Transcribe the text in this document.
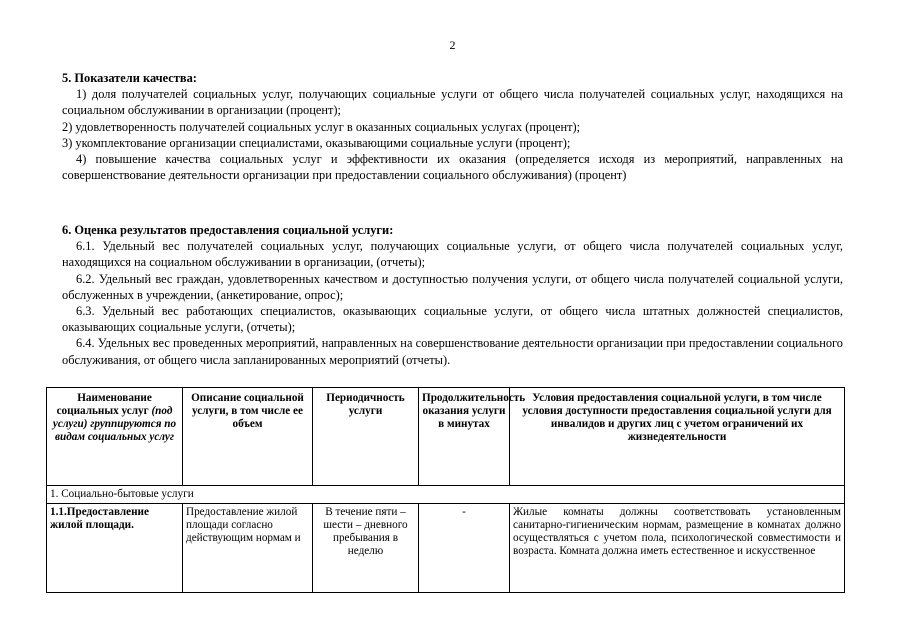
2
5. Показатели качества:
1) доля получателей социальных услуг, получающих социальные услуги от общего числа получателей социальных услуг, находящихся на социальном обслуживании в организации (процент);
2) удовлетворенность получателей социальных услуг в оказанных социальных услугах (процент);
3) укомплектование организации специалистами, оказывающими социальные услуги (процент);
4) повышение качества социальных услуг и эффективности их оказания (определяется исходя из мероприятий, направленных на совершенствование деятельности организации при предоставлении социального обслуживания) (процент)
6. Оценка результатов предоставления социальной услуги:
6.1. Удельный вес получателей социальных услуг, получающих социальные услуги, от общего числа получателей социальных услуг, находящихся на социальном обслуживании в организации, (отчеты);
6.2. Удельный вес граждан, удовлетворенных качеством и доступностью получения услуги, от общего числа получателей социальной услуги, обслуженных в учреждении, (анкетирование, опрос);
6.3. Удельный вес работающих специалистов, оказывающих социальные услуги, от общего числа штатных должностей специалистов, оказывающих социальные услуги, (отчеты);
6.4. Удельных вес проведенных мероприятий, направленных на совершенствование деятельности организации при предоставлении социального обслуживания, от общего числа запланированных мероприятий (отчеты).
Наименование социальных услуг (под услуги) группируются по видам социальных услуг	Описание социальной услуги, в том числе ее объем	Периодичность услуги	Продолжительность оказания услуги в минутах	Условия предоставления социальной услуги, в том числе условия доступности предоставления социальной услуги для инвалидов и других лиц с учетом ограничений их жизнедеятельности
1. Социально-бытовые услуги				
1.1.Предоставление жилой площади.	Предоставление жилой площади согласно действующим нормам и	В течение пяти – шести – дневного пребывания в неделю	-	Жилые комнаты должны соответствовать установленным санитарно-гигиеническим нормам, размещение в комнатах должно осуществляться с учетом пола, психологической совместимости и возраста. Комната должна иметь естественное и искусственное
